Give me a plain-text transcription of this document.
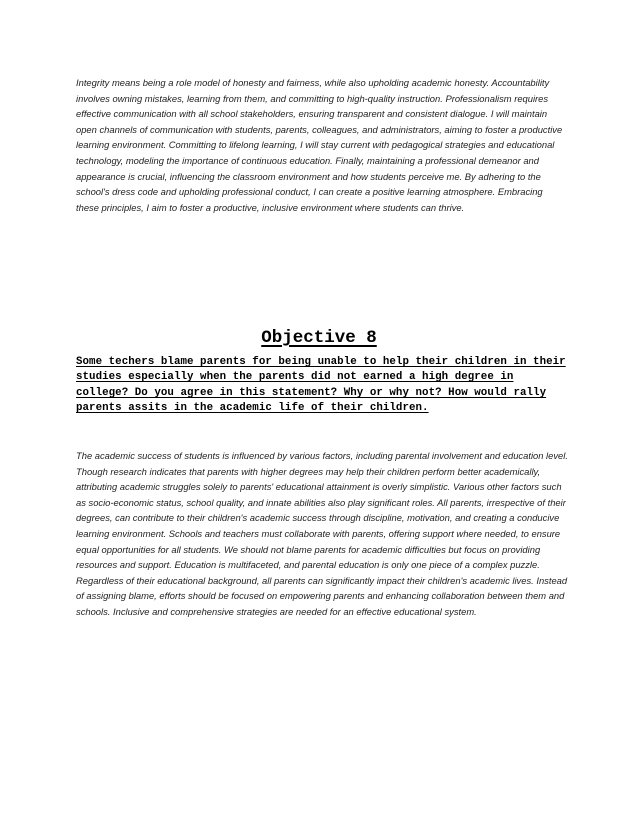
Integrity means being a role model of honesty and fairness, while also upholding academic honesty. Accountability involves owning mistakes, learning from them, and committing to high-quality instruction. Professionalism requires effective communication with all school stakeholders, ensuring transparent and consistent dialogue. I will maintain open channels of communication with students, parents, colleagues, and administrators, aiming to foster a productive learning environment. Committing to lifelong learning, I will stay current with pedagogical strategies and educational technology, modeling the importance of continuous education. Finally, maintaining a professional demeanor and appearance is crucial, influencing the classroom environment and how students perceive me. By adhering to the school's dress code and upholding professional conduct, I can create a positive learning atmosphere. Embracing these principles, I aim to foster a productive, inclusive environment where students can thrive.

Objective 8

Some techers blame parents for being unable to help their children in their studies especially when the parents did not earned a high degree in college? Do you agree in this statement? Why or why not? How would rally parents assits in the academic life of their children.

The academic success of students is influenced by various factors, including parental involvement and education level. Though research indicates that parents with higher degrees may help their children perform better academically, attributing academic struggles solely to parents' educational attainment is overly simplistic. Various other factors such as socio-economic status, school quality, and innate abilities also play significant roles. All parents, irrespective of their degrees, can contribute to their children's academic success through discipline, motivation, and creating a conducive learning environment. Schools and teachers must collaborate with parents, offering support where needed, to ensure equal opportunities for all students. We should not blame parents for academic difficulties but focus on providing resources and support. Education is multifaceted, and parental education is only one piece of a complex puzzle. Regardless of their educational background, all parents can significantly impact their children's academic lives. Instead of assigning blame, efforts should be focused on empowering parents and enhancing collaboration between them and schools. Inclusive and comprehensive strategies are needed for an effective educational system.
